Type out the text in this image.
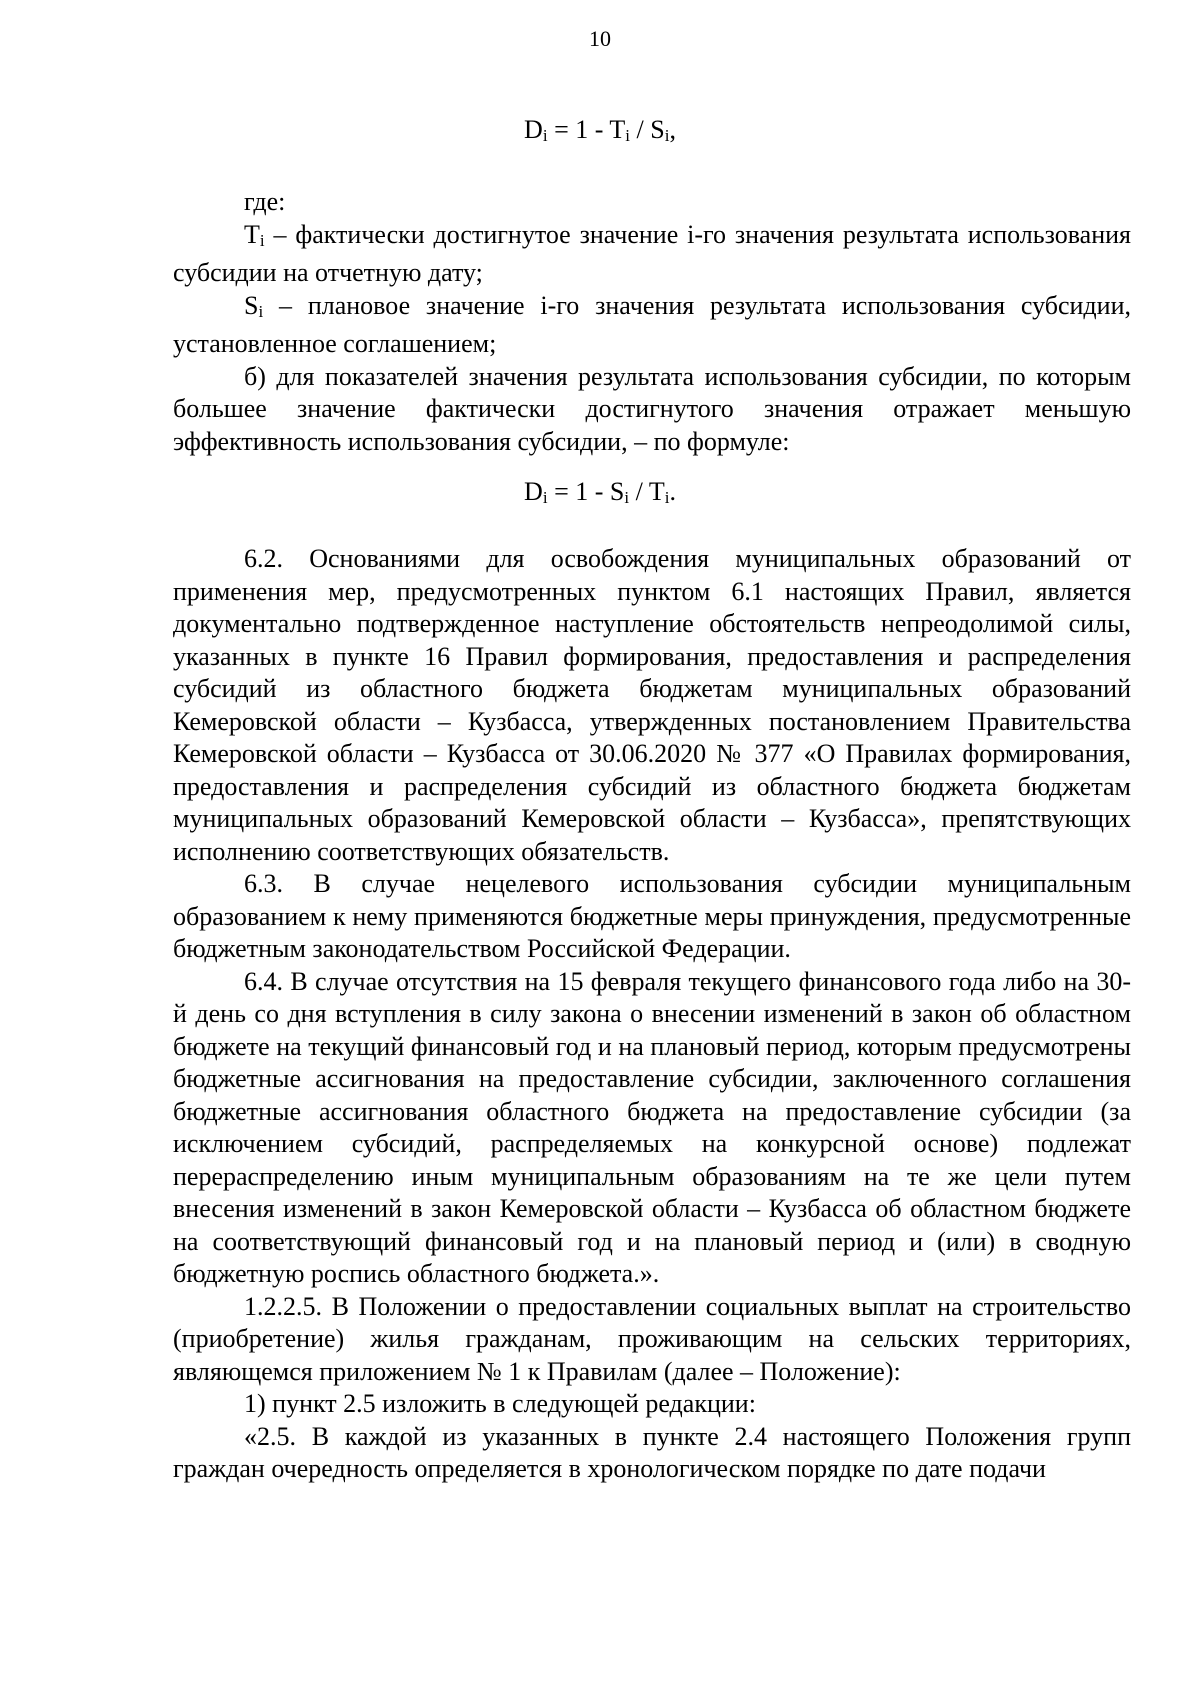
10
$D_i = 1 - T_i / S_i$,

где:

$T_i$ – фактически достигнутое значение i-го значения результата использования субсидии на отчетную дату;

$S_i$ – плановое значение i-го значения результата использования субсидии, установленное соглашением;

б) для показателей значения результата использования субсидии, по которым большее значение фактически достигнутого значения отражает меньшую эффективность использования субсидии, – по формуле:

$D_i = 1 - S_i / T_i$.

6.2. Основаниями для освобождения муниципальных образований от применения мер, предусмотренных пунктом 6.1 настоящих Правил, является документально подтвержденное наступление обстоятельств непреодолимой силы, указанных в пункте 16 Правил формирования, предоставления и распределения субсидий из областного бюджета бюджетам муниципальных образований Кемеровской области – Кузбасса, утвержденных постановлением Правительства Кемеровской области – Кузбасса от 30.06.2020 № 377 «О Правилах формирования, предоставления и распределения субсидий из областного бюджета бюджетам муниципальных образований Кемеровской области – Кузбасса», препятствующих исполнению соответствующих обязательств.

6.3. В случае нецелевого использования субсидии муниципальным образованием к нему применяются бюджетные меры принуждения, предусмотренные бюджетным законодательством Российской Федерации.

6.4. В случае отсутствия на 15 февраля текущего финансового года либо на 30-й день со дня вступления в силу закона о внесении изменений в закон об областном бюджете на текущий финансовый год и на плановый период, которым предусмотрены бюджетные ассигнования на предоставление субсидии, заключенного соглашения бюджетные ассигнования областного бюджета на предоставление субсидии (за исключением субсидий, распределяемых на конкурсной основе) подлежат перераспределению иным муниципальным образованиям на те же цели путем внесения изменений в закон Кемеровской области – Кузбасса об областном бюджете на соответствующий финансовый год и на плановый период и (или) в сводную бюджетную роспись областного бюджета.».

1.2.2.5. В Положении о предоставлении социальных выплат на строительство (приобретение) жилья гражданам, проживающим на сельских территориях, являющемся приложением № 1 к Правилам (далее – Положение):

1) пункт 2.5 изложить в следующей редакции:

«2.5. В каждой из указанных в пункте 2.4 настоящего Положения групп граждан очередность определяется в хронологическом порядке по дате подачи
